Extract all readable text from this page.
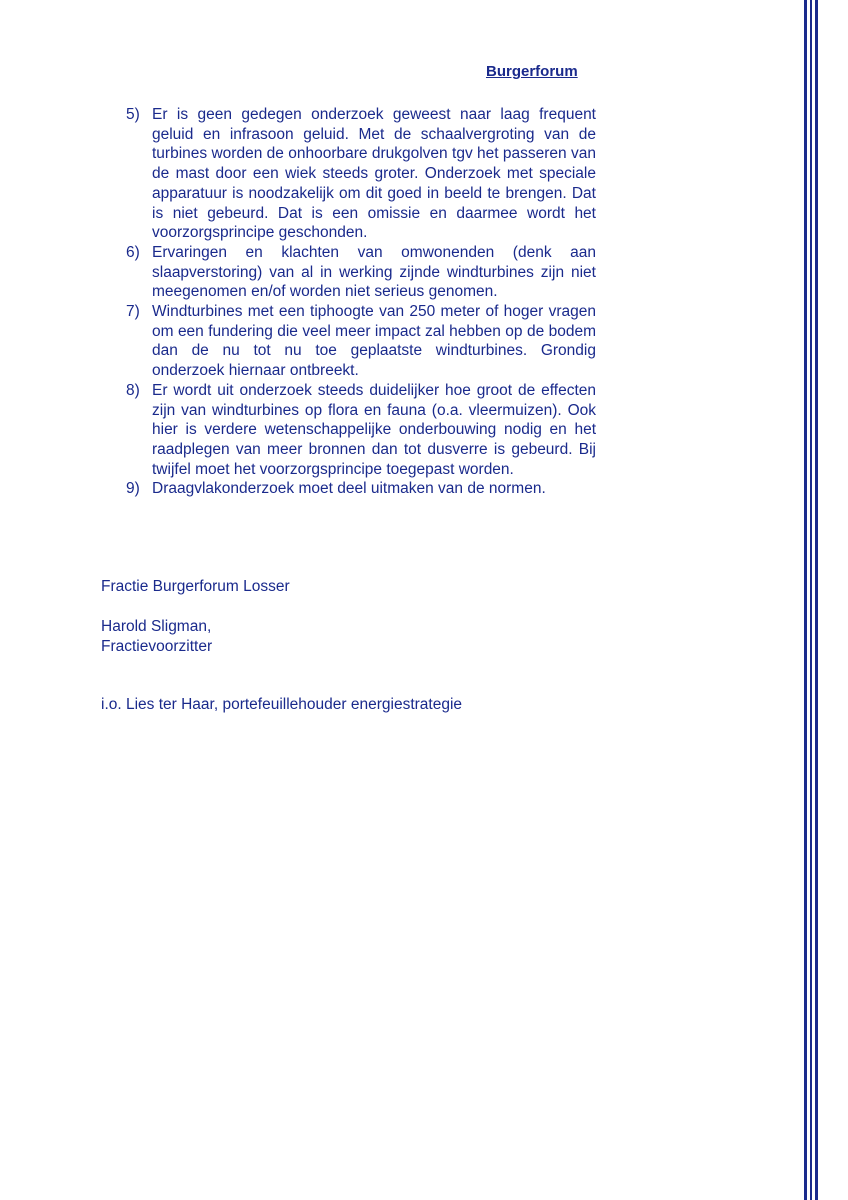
Burgerforum
5) Er is geen gedegen onderzoek geweest naar laag frequent geluid en infrasoon geluid. Met de schaalvergroting van de turbines worden de onhoorbare drukgolven tgv het passeren van de mast door een wiek steeds groter. Onderzoek met speciale apparatuur is noodzakelijk om dit goed in beeld te brengen. Dat is niet gebeurd. Dat is een omissie en daarmee wordt het voorzorgsprincipe geschonden.
6) Ervaringen en klachten van omwonenden (denk aan slaapverstoring) van al in werking zijnde windturbines zijn niet meegenomen en/of worden niet serieus genomen.
7) Windturbines met een tiphoogte van 250 meter of hoger vragen om een fundering die veel meer impact zal hebben op de bodem dan de nu tot nu toe geplaatste windturbines. Grondig onderzoek hiernaar ontbreekt.
8) Er wordt uit onderzoek steeds duidelijker hoe groot de effecten zijn van windturbines op flora en fauna (o.a. vleermuizen). Ook hier is verdere wetenschappelijke onderbouwing nodig en het raadplegen van meer bronnen dan tot dusverre is gebeurd. Bij twijfel moet het voorzorgsprincipe toegepast worden.
9) Draagvlakonderzoek moet deel uitmaken van de normen.
Fractie Burgerforum Losser
Harold Sligman,
Fractievoorzitter
i.o. Lies ter Haar, portefeuillehouder energiestrategie
